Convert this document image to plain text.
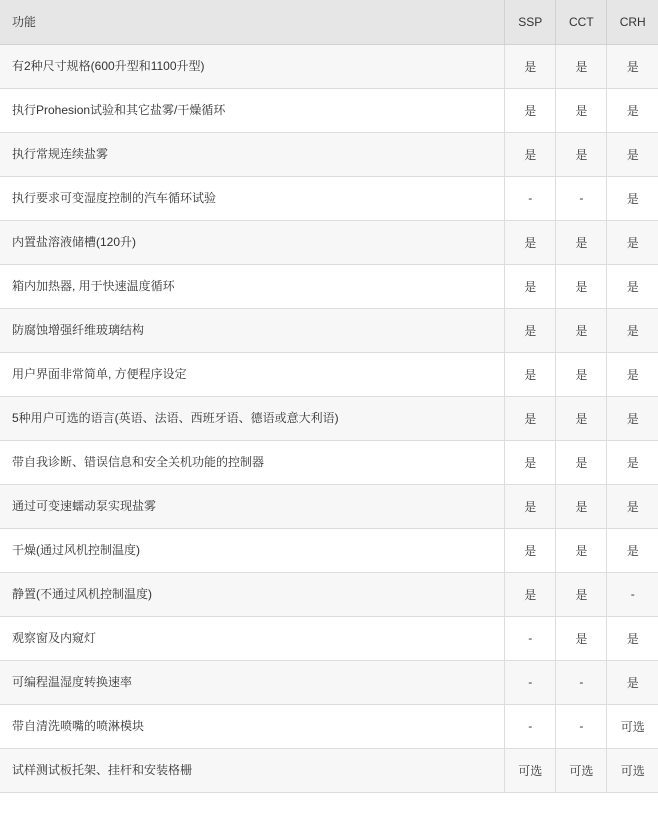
功能	SSP	CCT	CRH
有2种尺寸规格(600升型和1100升型)	是	是	是
执行Prohesion试验和其它盐雾/干燥循环	是	是	是
执行常规连续盐雾	是	是	是
执行要求可变湿度控制的汽车循环试验	-	-	是
内置盐溶液储槽(120升)	是	是	是
箱内加热器, 用于快速温度循环	是	是	是
防腐蚀增强纤维玻璃结构	是	是	是
用户界面非常简单, 方便程序设定	是	是	是
5种用户可选的语言(英语、法语、西班牙语、德语或意大利语)	是	是	是
带自我诊断、错误信息和安全关机功能的控制器	是	是	是
通过可变速蠕动泵实现盐雾	是	是	是
干燥(通过风机控制温度)	是	是	是
静置(不通过风机控制温度)	是	是	-
观察窗及内窥灯	-	是	是
可编程温湿度转换速率	-	-	是
带自清洗喷嘴的喷淋模块	-	-	可选
试样测试板托架、挂杆和安装格栅	可选	可选	可选
